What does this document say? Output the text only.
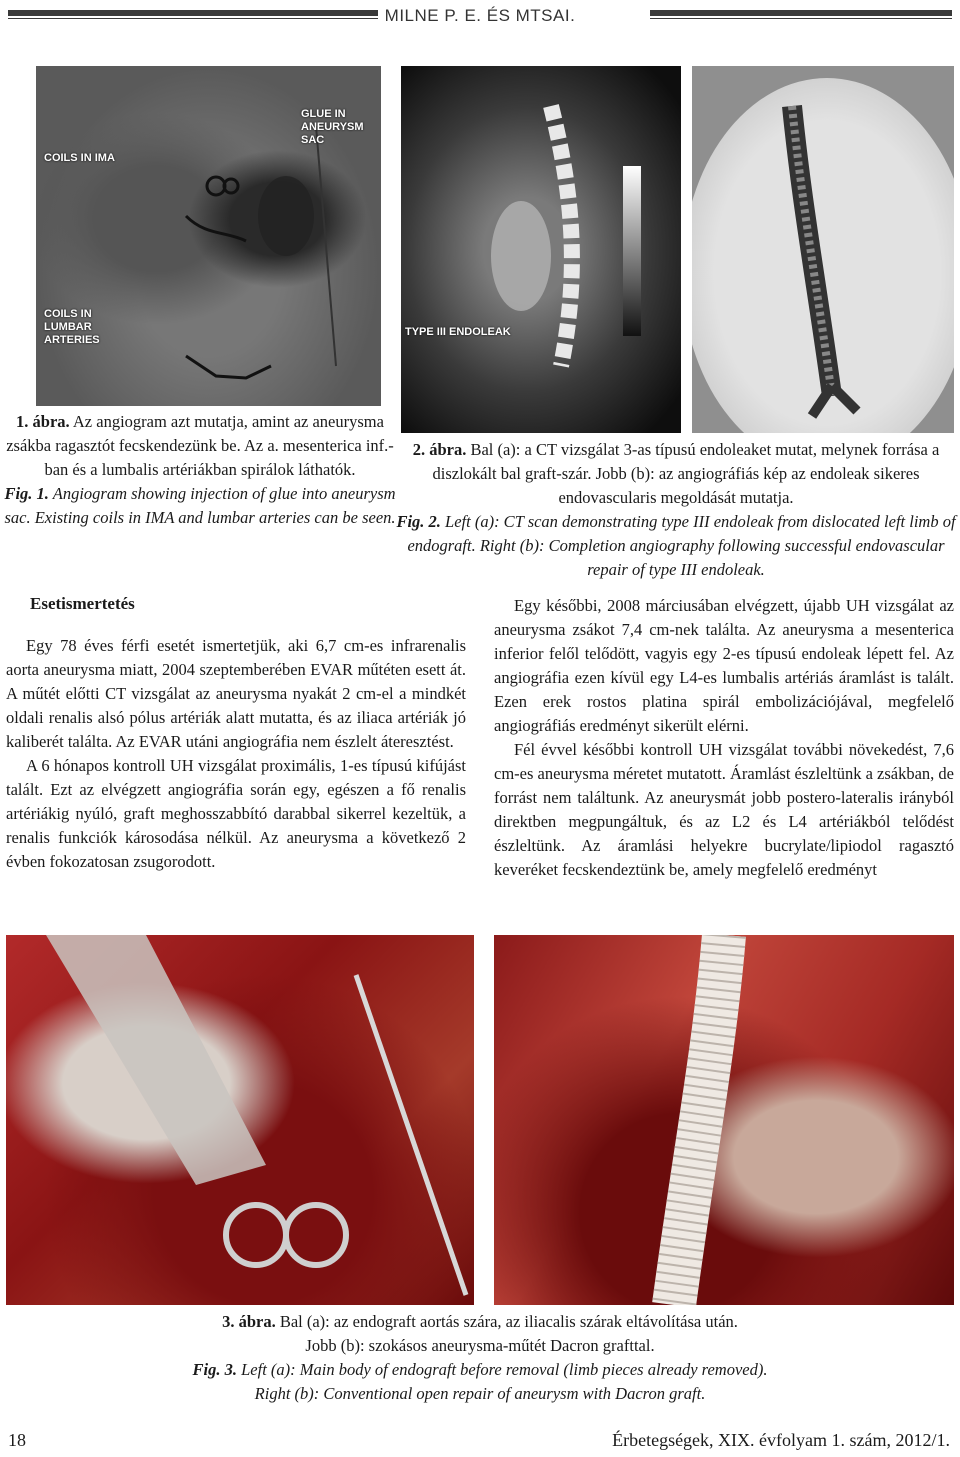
MILNE P. E. ÉS MTSAI.
GLUE IN ANEURYSM SAC
COILS IN IMA
COILS IN LUMBAR ARTERIES

TYPE III ENDOLEAK
1. ábra. Az angiogram azt mutatja, amint az aneurysma zsákba ragasztót fecskendezünk be. Az a. mesenterica inf.-ban és a lumbalis artériákban spirálok láthatók.
Fig. 1. Angiogram showing injection of glue into aneurysm sac. Existing coils in IMA and lumbar arteries can be seen.
2. ábra. Bal (a): a CT vizsgálat 3-as típusú endoleaket mutat, melynek forrása a diszlokált bal graft-szár. Jobb (b): az angiográfiás kép az endoleak sikeres endovascularis megoldását mutatja.
Fig. 2. Left (a): CT scan demonstrating type III endoleak from dislocated left limb of endograft. Right (b): Completion angiography following successful endovascular repair of type III endoleak.
Esetismertetés

Egy 78 éves férfi esetét ismertetjük, aki 6,7 cm-es infrarenalis aorta aneurysma miatt, 2004 szeptemberében EVAR műtéten esett át. A műtét előtti CT vizsgálat az aneurysma nyakát 2 cm-el a mindkét oldali renalis alsó pólus artériák alatt mutatta, és az iliaca artériák jó kaliberét találta. Az EVAR utáni angiográfia nem észlelt áteresztést.

A 6 hónapos kontroll UH vizsgálat proximális, 1-es típusú kifújást talált. Ezt az elvégzett angiográfia során egy, egészen a fő renalis artériákig nyúló, graft meghosszabbító darabbal sikerrel kezeltük, a renalis funkciók károsodása nélkül. Az aneurysma a következő 2 évben fokozatosan zsugorodott.

Egy későbbi, 2008 márciusában elvégzett, újabb UH vizsgálat az aneurysma zsákot 7,4 cm-nek találta. Az aneurysma a mesenterica inferior felől telődött, vagyis egy 2-es típusú endoleak lépett fel. Az angiográfia ezen kívül egy L4-es lumbalis artériás áramlást is talált. Ezen erek rostos platina spirál embolizációjával, megfelelő angiográfiás eredményt sikerült elérni.

Fél évvel későbbi kontroll UH vizsgálat további növekedést, 7,6 cm-es aneurysma méretet mutatott. Áramlást észleltünk a zsákban, de forrást nem találtunk. Az aneurysmát jobb postero-lateralis irányból direktben megpungáltuk, és az L2 és L4 artériákból telődést észleltünk. Az áramlási helyekre bucrylate/lipiodol ragasztó keveréket fecskendeztünk be, amely megfelelő eredményt

3. ábra. Bal (a): az endograft aortás szára, az iliacalis szárak eltávolítása után.
Jobb (b): szokásos aneurysma-műtét Dacron grafttal.
Fig. 3. Left (a): Main body of endograft before removal (limb pieces already removed).
Right (b): Conventional open repair of aneurysm with Dacron graft.
18	Érbetegségek, XIX. évfolyam 1. szám, 2012/1.
